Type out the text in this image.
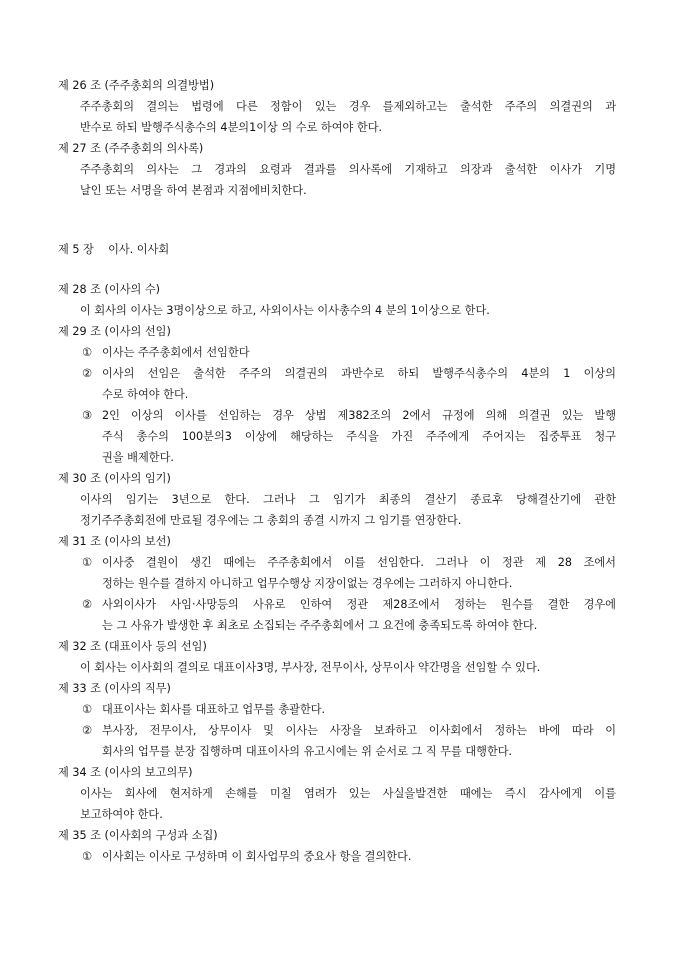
제 26 조 (주주총회의 의결방법)
주주총회의 결의는 법령에 다른 정함이 있는 경우 를제외하고는 출석한 주주의 의결권의 과
반수로 하되 발행주식총수의 4분의1이상 의 수로 하여야 한다.
제 27 조 (주주총회의 의사록)
주주총회의 의사는 그 경과의 요령과 결과를 의사록에 기재하고 의장과 출석한 이사가 기명
날인 또는 서명을 하여 본점과 지점에비치한다.
제 5 장    이사. 이사회
제 28 조 (이사의 수)
이 회사의 이사는 3명이상으로 하고, 사외이사는 이사총수의 4 분의 1이상으로 한다.
제 29 조 (이사의 선임)
① 이사는 주주총회에서 선임한다
② 이사의 선임은 출석한 주주의 의결권의 과반수로 하되 발행주식총수의 4분의 1 이상의
수로 하여야 한다.
③ 2인 이상의 이사를 선임하는 경우 상법 제382조의 2에서 규정에 의해 의결권 있는 발행
주식 총수의 100분의3 이상에 해당하는 주식을 가진 주주에게 주어지는 집중투표 청구
권을 배제한다.
제 30 조 (이사의 임기)
이사의 임기는 3년으로 한다. 그러나 그 임기가 최종의 결산기 종료후 당해결산기에 관한
정기주주총회전에 만료될 경우에는 그 총회의 종결 시까지 그 임기를 연장한다.
제 31 조 (이사의 보선)
① 이사중 결원이 생긴 때에는 주주총회에서 이를 선임한다. 그러나 이 정관 제 28 조에서
정하는 원수를 결하지 아니하고 업무수행상 지장이없는 경우에는 그러하지 아니한다.
② 사외이사가 사임·사망등의 사유로 인하여 정관 제28조에서 정하는 원수를 결한 경우에
는 그 사유가 발생한 후 최초로 소집되는 주주총회에서 그 요건에 충족되도록 하여야 한다.
제 32 조 (대표이사 등의 선임)
이 회사는 이사회의 결의로 대표이사3명, 부사장, 전무이사, 상무이사 약간명을 선임할 수 있다.
제 33 조 (이사의 직무)
① 대표이사는 회사를 대표하고 업무를 총괄한다.
② 부사장, 전무이사, 상무이사 및 이사는 사장을 보좌하고 이사회에서 정하는 바에 따라 이
회사의 업무를 분장 집행하며 대표이사의 유고시에는 위 순서로 그 직 무를 대행한다.
제 34 조 (이사의 보고의무)
이사는 회사에 현저하게 손해를 미칠 염려가 있는 사실을발견한 때에는 즉시 감사에게 이를
보고하여야 한다.
제 35 조 (이사회의 구성과 소집)
① 이사회는 이사로 구성하며 이 회사업무의 중요사 항을 결의한다.
